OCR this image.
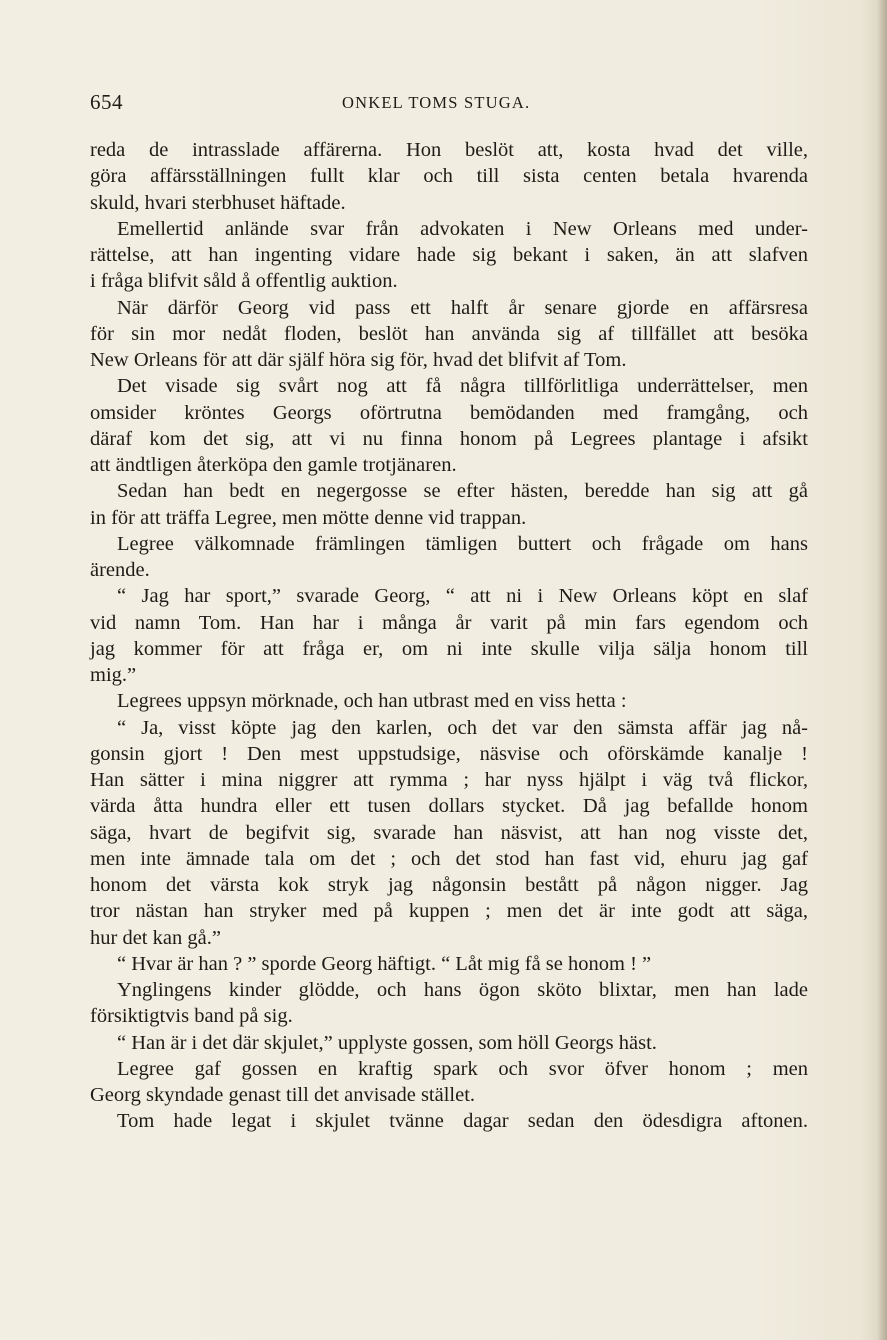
654	ONKEL TOMS STUGA.
reda de intrasslade affärerna. Hon beslöt att, kosta hvad det ville,
göra affärsställningen fullt klar och till sista centen betala hvarenda
skuld, hvari sterbhuset häftade.
Emellertid anlände svar från advokaten i New Orleans med under-
rättelse, att han ingenting vidare hade sig bekant i saken, än att slafven
i fråga blifvit såld å offentlig auktion.
När därför Georg vid pass ett halft år senare gjorde en affärsresa
för sin mor nedåt floden, beslöt han använda sig af tillfället att besöka
New Orleans för att där själf höra sig för, hvad det blifvit af Tom.
Det visade sig svårt nog att få några tillförlitliga underrättelser, men
omsider kröntes Georgs oförtrutna bemödanden med framgång, och
däraf kom det sig, att vi nu finna honom på Legrees plantage i afsikt
att ändtligen återköpa den gamle trotjänaren.
Sedan han bedt en negergosse se efter hästen, beredde han sig att gå
in för att träffa Legree, men mötte denne vid trappan.
Legree välkomnade främlingen tämligen buttert och frågade om hans
ärende.
“ Jag har sport,” svarade Georg, “ att ni i New Orleans köpt en slaf
vid namn Tom. Han har i många år varit på min fars egendom och
jag kommer för att fråga er, om ni inte skulle vilja sälja honom till
mig.”
Legrees uppsyn mörknade, och han utbrast med en viss hetta :
“ Ja, visst köpte jag den karlen, och det var den sämsta affär jag nå-
gonsin gjort ! Den mest uppstudsige, näsvise och oförskämde kanalje !
Han sätter i mina niggrer att rymma ; har nyss hjälpt i väg två flickor,
värda åtta hundra eller ett tusen dollars stycket. Då jag befallde honom
säga, hvart de begifvit sig, svarade han näsvist, att han nog visste det,
men inte ämnade tala om det ; och det stod han fast vid, ehuru jag gaf
honom det värsta kok stryk jag någonsin bestått på någon nigger. Jag
tror nästan han stryker med på kuppen ; men det är inte godt att säga,
hur det kan gå.”
“ Hvar är han ? ” sporde Georg häftigt. “ Låt mig få se honom ! ”
Ynglingens kinder glödde, och hans ögon sköto blixtar, men han lade
försiktigtvis band på sig.
“ Han är i det där skjulet,” upplyste gossen, som höll Georgs häst.
Legree gaf gossen en kraftig spark och svor öfver honom ; men
Georg skyndade genast till det anvisade stället.
Tom hade legat i skjulet tvänne dagar sedan den ödesdigra aftonen.
